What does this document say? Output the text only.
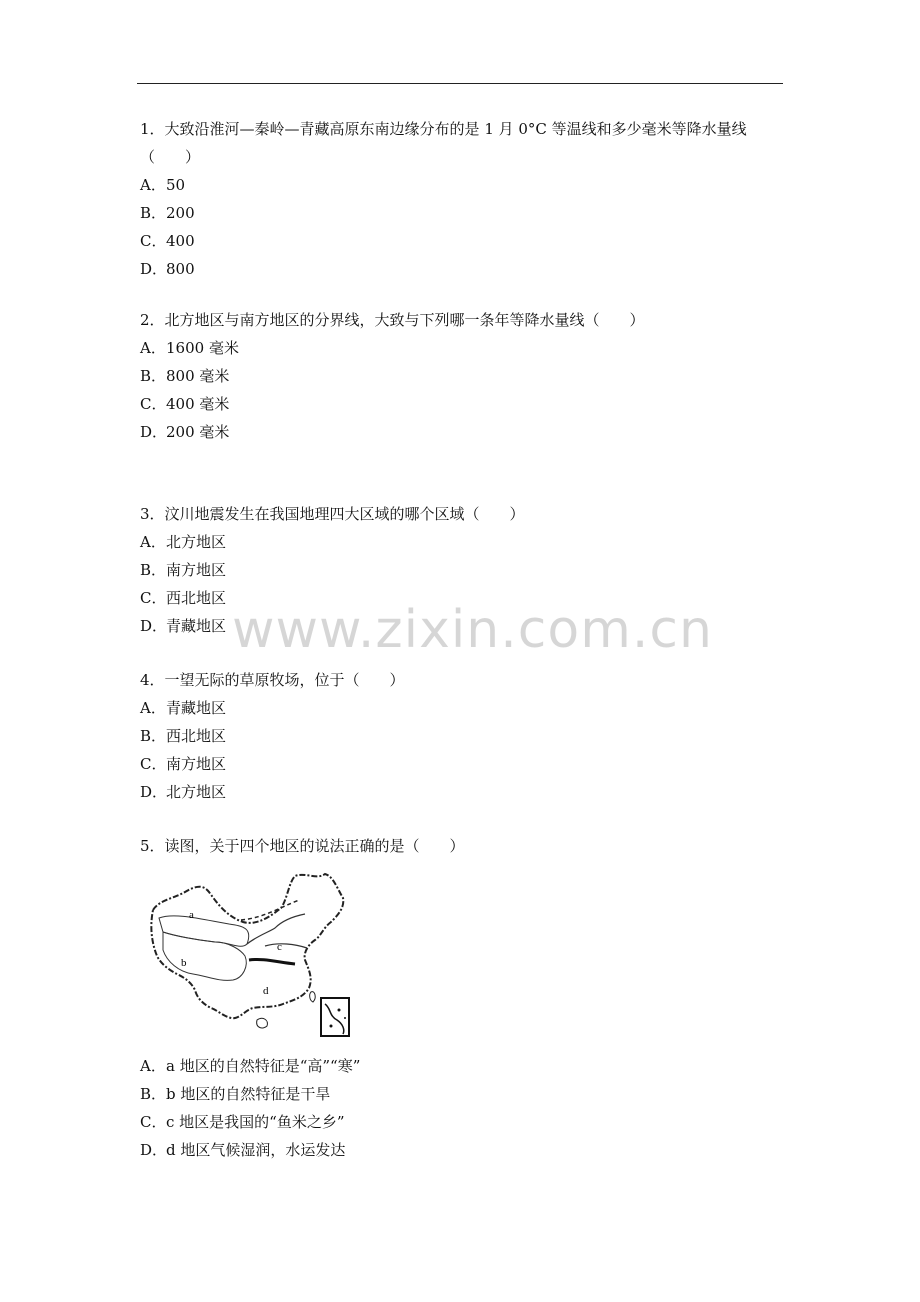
1．大致沿淮河—秦岭—青藏高原东南边缘分布的是 1 月 0°C 等温线和多少毫米等降水量线（　　）

A．50

B．200

C．400

D．800

2．北方地区与南方地区的分界线，大致与下列哪一条年等降水量线（　　）

A．1600 毫米

B．800 毫米

C．400 毫米

D．200 毫米

3．汶川地震发生在我国地理四大区域的哪个区域（　　）

A．北方地区

B．南方地区

C．西北地区

D．青藏地区

4．一望无际的草原牧场，位于（　　）

A．青藏地区

B．西北地区

C．南方地区

D．北方地区

5．读图，关于四个地区的说法正确的是（　　）

a
b
c
d

A．a 地区的自然特征是“高”“寒”

B．b 地区的自然特征是干旱

C．c 地区是我国的“鱼米之乡”

D．d 地区气候湿润，水运发达

www.zixin.com.cn
